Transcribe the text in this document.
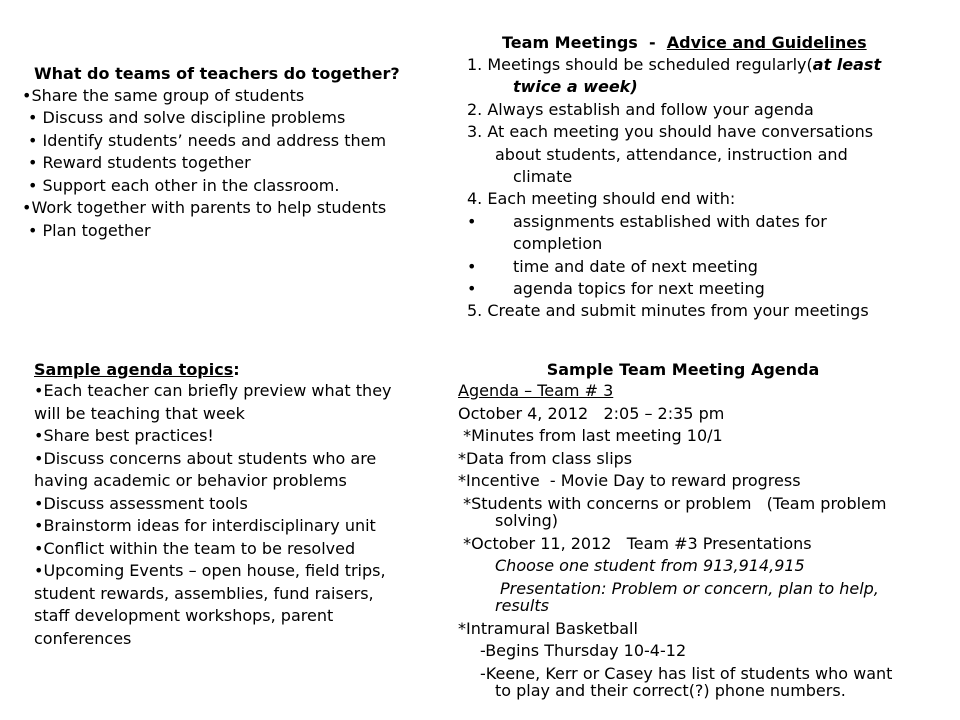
What do teams of teachers do together?
•Share the same group of students
• Discuss and solve discipline problems
• Identify students’ needs and address them
• Reward students together
• Support each other in the classroom.
•Work together with parents to help students
• Plan together
Team Meetings  -  Advice and Guidelines
1. Meetings should be scheduled regularly(at least
twice a week)
2. Always establish and follow your agenda
3. At each meeting you should have conversations
about students, attendance, instruction and
climate
4. Each meeting should end with:
• assignments established with dates for
completion
• time and date of next meeting
• agenda topics for next meeting
5. Create and submit minutes from your meetings
Sample agenda topics:
•Each teacher can briefly preview what they
will be teaching that week
•Share best practices!
•Discuss concerns about students who are
having academic or behavior problems
•Discuss assessment tools
•Brainstorm ideas for interdisciplinary unit
•Conflict within the team to be resolved
•Upcoming Events – open house, field trips,
student rewards, assemblies, fund raisers,
staff development workshops, parent
conferences
Sample Team Meeting Agenda
Agenda – Team # 3
October 4, 2012   2:05 – 2:35 pm
*Minutes from last meeting 10/1
*Data from class slips
*Incentive  - Movie Day to reward progress
*Students with concerns or problem   (Team problem
solving)
*October 11, 2012   Team #3 Presentations
Choose one student from 913,914,915
Presentation: Problem or concern, plan to help,
results
*Intramural Basketball
-Begins Thursday 10-4-12
-Keene, Kerr or Casey has list of students who want
to play and their correct(?) phone numbers.
